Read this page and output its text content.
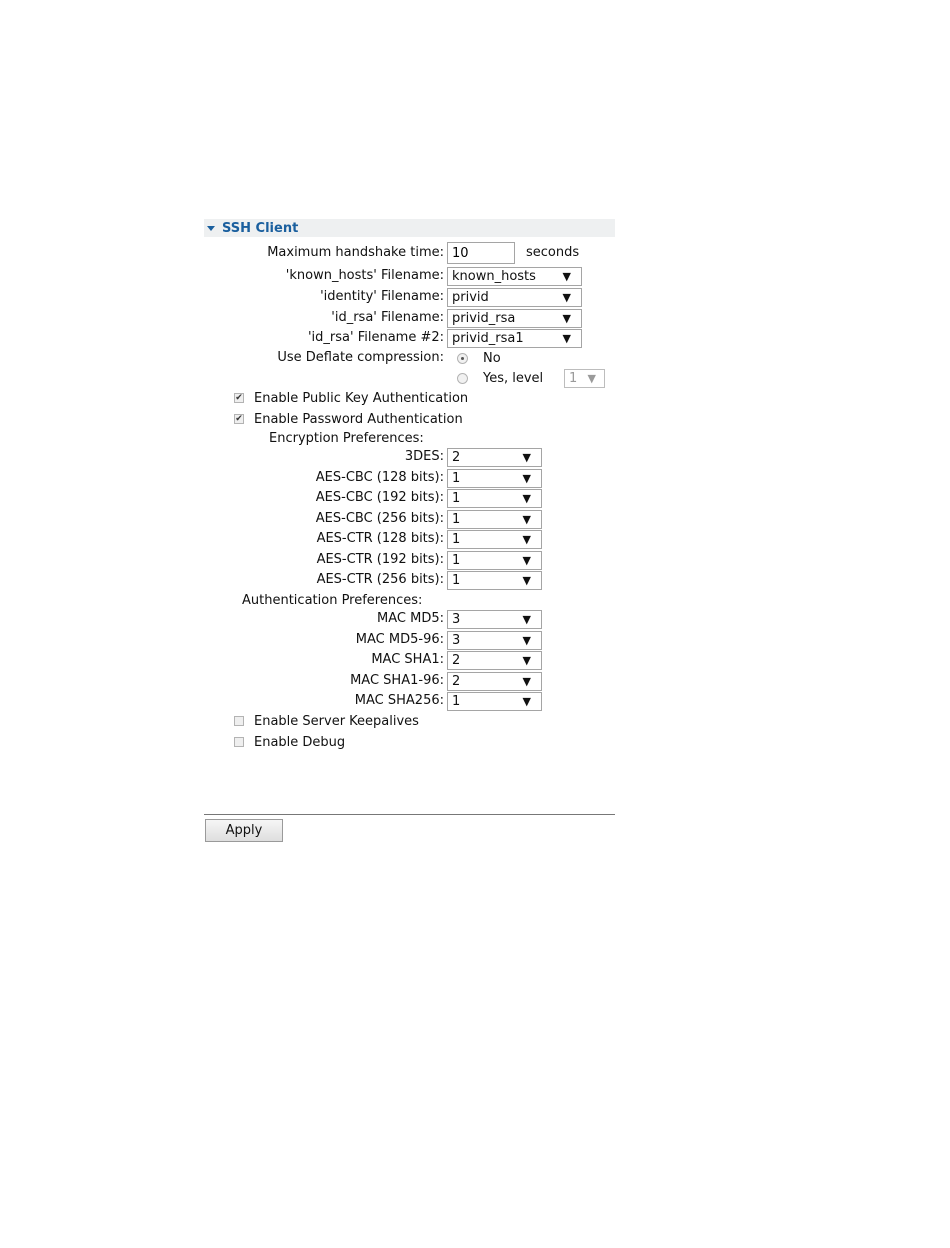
SSH Client
Maximum handshake time:
10	seconds
'known_hosts' Filename: known_hosts ▼
'identity' Filename: privid	▼
'id_rsa' Filename: privid_rsa	▼
'id_rsa' Filename #2: privid_rsa1	▼
Use Deflate compression:	No
Yes, level	1 ▼
✔ Enable Public Key Authentication
✔ Enable Password Authentication
Encryption Preferences:
3DES: 2	▼
AES-CBC (128 bits): 1	▼
AES-CBC (192 bits): 1	▼
AES-CBC (256 bits): 1	▼
AES-CTR (128 bits): 1	▼
AES-CTR (192 bits): 1	▼
AES-CTR (256 bits): 1	▼
Authentication Preferences:
MAC MD5: 3	▼
MAC MD5-96: 3	▼
MAC SHA1: 2	▼
MAC SHA1-96: 2	▼
MAC SHA256: 1	▼
Enable Server Keepalives
Enable Debug
Apply
